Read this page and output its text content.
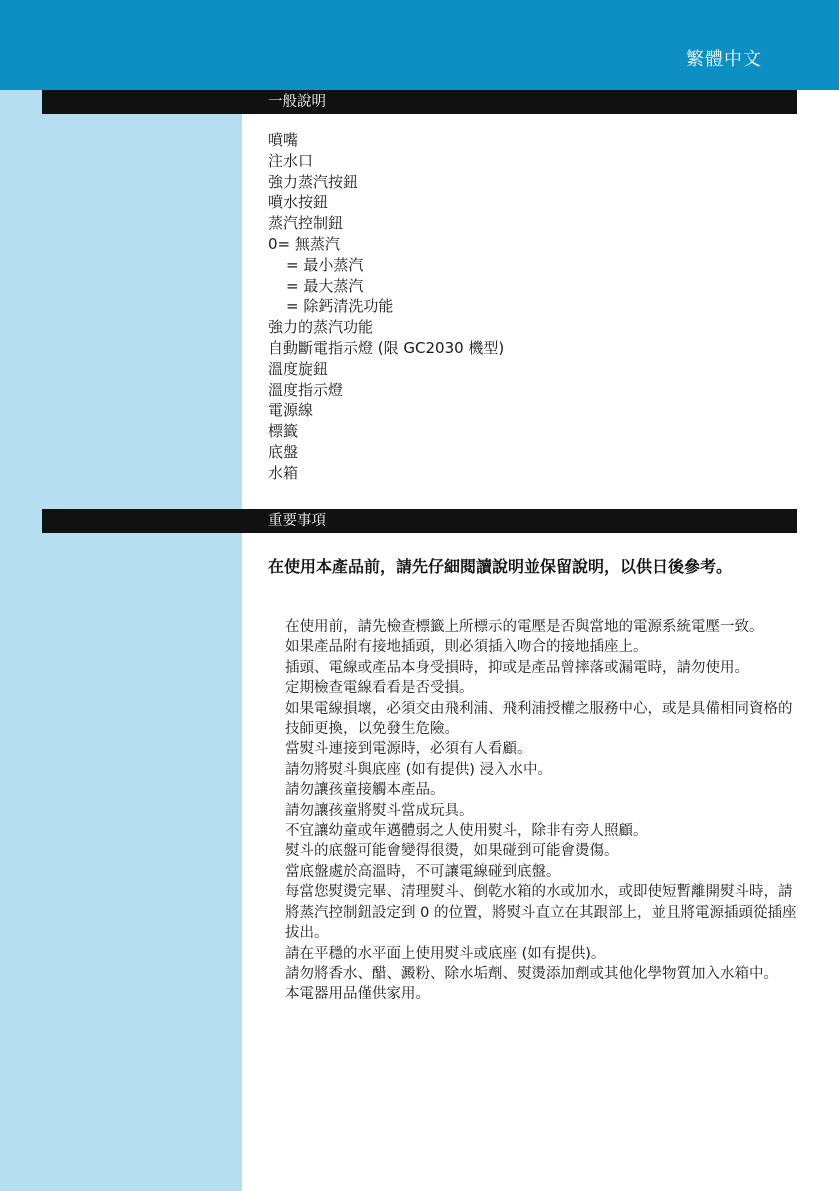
繁體中文
一般說明
噴嘴
注水口
強力蒸汽按鈕
噴水按鈕
蒸汽控制鈕
0= 無蒸汽
= 最小蒸汽
= 最大蒸汽
= 除鈣清洗功能
強力的蒸汽功能
自動斷電指示燈 (限 GC2030 機型)
溫度旋鈕
溫度指示燈
電源線
標籤
底盤
水箱
重要事項
在使用本產品前，請先仔細閱讀說明並保留說明，以供日後參考。
在使用前，請先檢查標籤上所標示的電壓是否與當地的電源系統電壓一致。
如果產品附有接地插頭，則必須插入吻合的接地插座上。
插頭、電線或產品本身受損時，抑或是產品曾摔落或漏電時，請勿使用。
定期檢查電線看看是否受損。
如果電線損壞，必須交由飛利浦、飛利浦授權之服務中心，或是具備相同資格的技師更換，以免發生危險。
當熨斗連接到電源時，必須有人看顧。
請勿將熨斗與底座 (如有提供) 浸入水中。
請勿讓孩童接觸本產品。
請勿讓孩童將熨斗當成玩具。
不宜讓幼童或年邁體弱之人使用熨斗，除非有旁人照顧。
熨斗的底盤可能會變得很燙，如果碰到可能會燙傷。
當底盤處於高溫時，不可讓電線碰到底盤。
每當您熨燙完畢、清理熨斗、倒乾水箱的水或加水，或即使短暫離開熨斗時，請將蒸汽控制鈕設定到 0 的位置，將熨斗直立在其跟部上，並且將電源插頭從插座拔出。
請在平穩的水平面上使用熨斗或底座 (如有提供)。
請勿將香水、醋、澱粉、除水垢劑、熨燙添加劑或其他化學物質加入水箱中。
本電器用品僅供家用。
